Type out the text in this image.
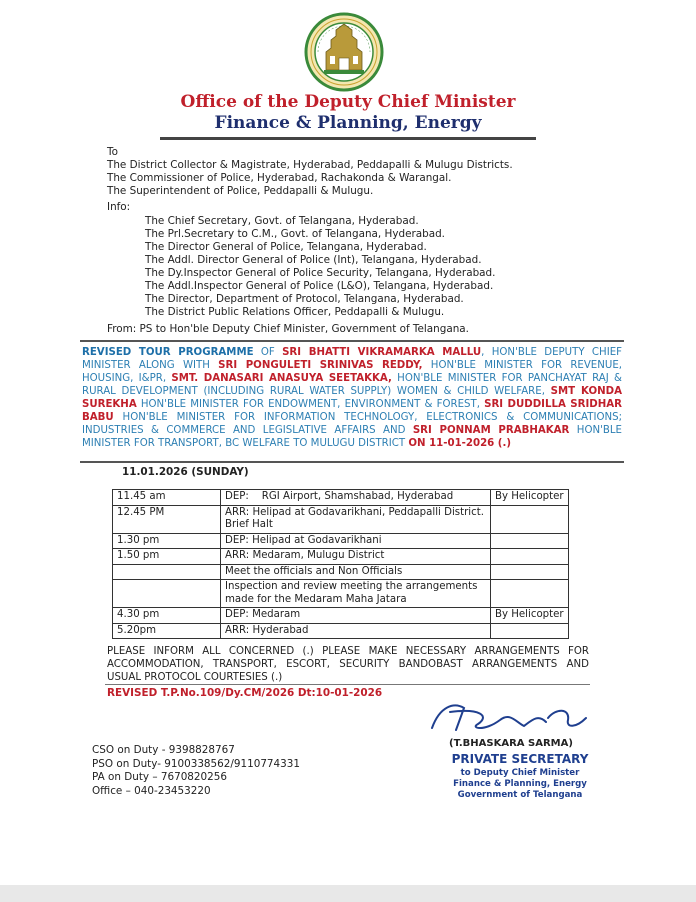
Office of the Deputy Chief Minister
Finance & Planning, Energy
To
The District Collector & Magistrate, Hyderabad, Peddapalli & Mulugu Districts.
The Commissioner of Police, Hyderabad, Rachakonda & Warangal.
The Superintendent of Police, Peddapalli & Mulugu.
Info:
The Chief Secretary, Govt. of Telangana, Hyderabad.
The Prl.Secretary to C.M., Govt. of Telangana, Hyderabad.
The Director General of Police, Telangana, Hyderabad.
The Addl. Director General of Police (Int), Telangana, Hyderabad.
The Dy.Inspector General of Police Security, Telangana, Hyderabad.
The Addl.Inspector General of Police (L&O), Telangana, Hyderabad.
The Director, Department of Protocol, Telangana, Hyderabad.
The District Public Relations Officer, Peddapalli & Mulugu.
From: PS to Hon'ble Deputy Chief Minister, Government of Telangana.
REVISED TOUR PROGRAMME OF SRI BHATTI VIKRAMARKA MALLU, HON'BLE DEPUTY CHIEF MINISTER ALONG WITH SRI PONGULETI SRINIVAS REDDY, HON'BLE MINISTER FOR REVENUE, HOUSING, I&PR, SMT. DANASARI ANASUYA SEETAKKA, HON'BLE MINISTER FOR PANCHAYAT RAJ & RURAL DEVELOPMENT (INCLUDING RURAL WATER SUPPLY) WOMEN & CHILD WELFARE, SMT KONDA SUREKHA HON'BLE MINISTER FOR ENDOWMENT, ENVIRONMENT & FOREST, SRI DUDDILLA SRIDHAR BABU HON'BLE MINISTER FOR INFORMATION TECHNOLOGY, ELECTRONICS & COMMUNICATIONS; INDUSTRIES & COMMERCE AND LEGISLATIVE AFFAIRS AND SRI PONNAM PRABHAKAR HON'BLE MINISTER FOR TRANSPORT, BC WELFARE TO MULUGU DISTRICT ON 11-01-2026 (.)
11.01.2026 (SUNDAY)
11.45 am	DEP:    RGI Airport, Shamshabad, Hyderabad	By Helicopter
12.45 PM	ARR: Helipad at Godavarikhani, Peddapalli District.
Brief Halt	

1.30 pm	DEP: Helipad at Godavarikhani	
1.50 pm	ARR: Medaram, Mulugu District	
	Meet the officials and Non Officials	
	Inspection and review meeting the arrangements made for the Medaram Maha Jatara	
4.30 pm	DEP: Medaram	By Helicopter
5.20pm	ARR: Hyderabad	
PLEASE INFORM ALL CONCERNED (.) PLEASE MAKE NECESSARY ARRANGEMENTS FOR ACCOMMODATION, TRANSPORT, ESCORT, SECURITY BANDOBAST ARRANGEMENTS AND USUAL PROTOCOL COURTESIES (.)
REVISED T.P.No.109/Dy.CM/2026 Dt:10-01-2026
(T.BHASKARA SARMA)
PRIVATE SECRETARY
to Deputy Chief Minister
Finance & Planning, Energy
Government of Telangana
CSO on Duty - 9398828767
PSO on Duty- 9100338562/9110774331
PA on Duty – 7670820256
Office – 040-23453220
